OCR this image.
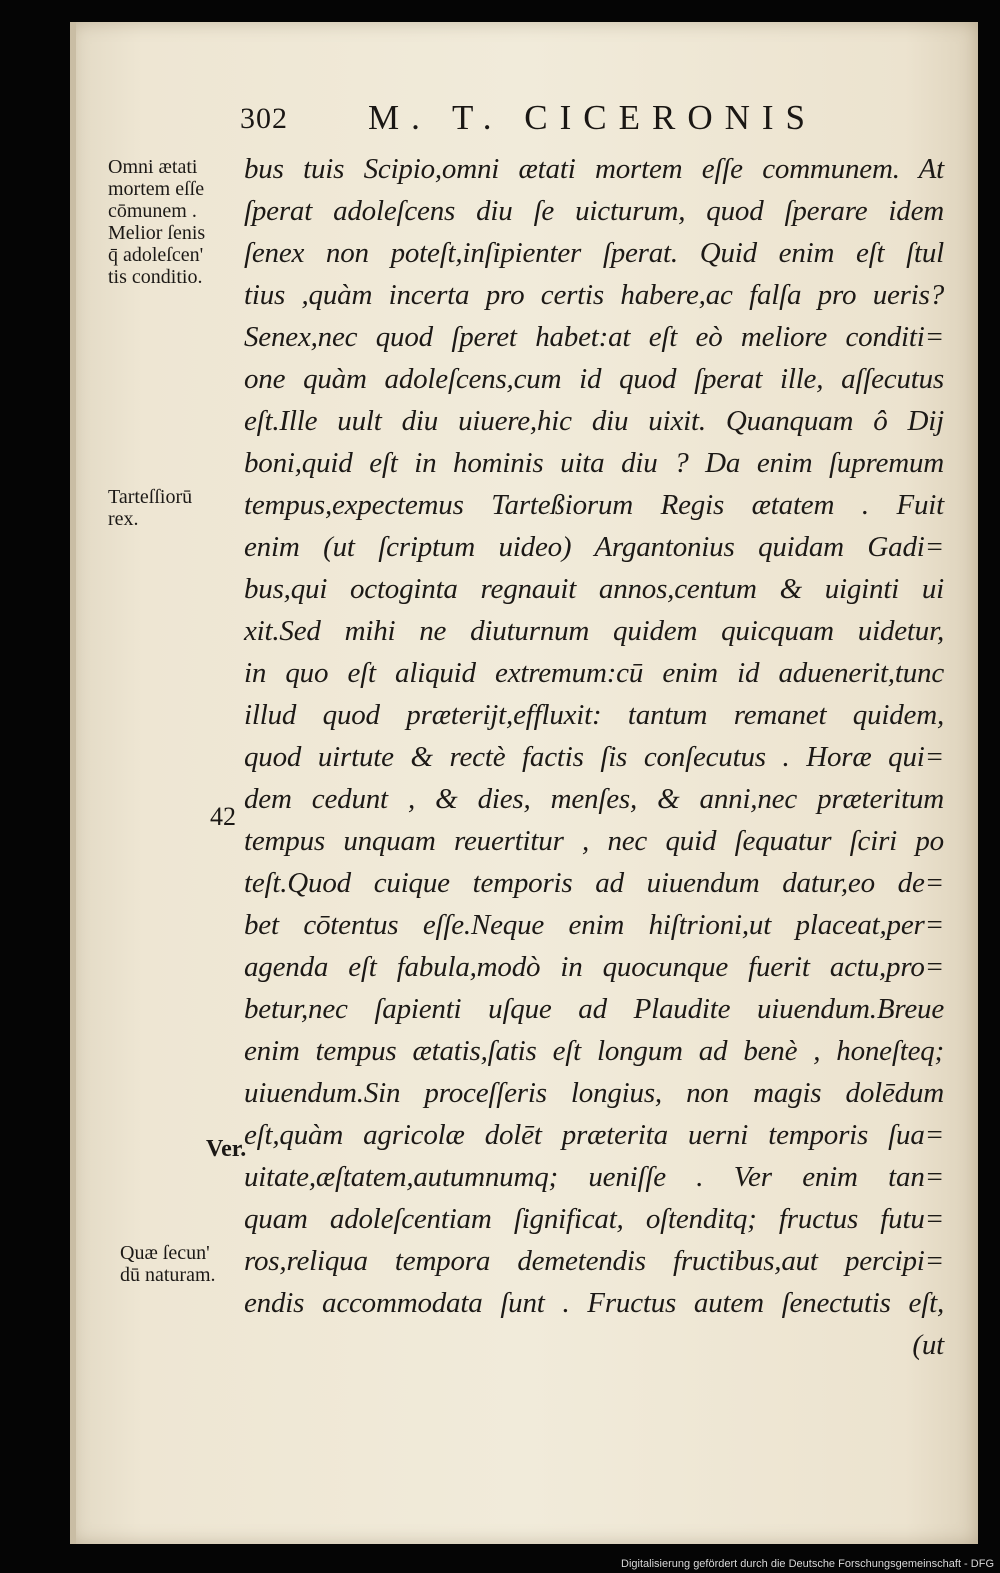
302 M. T. CICERONIS
Omni ætati
mortem eſſe
cōmunem .
Melior ſenis
q̄ adoleſcen'
tis conditio.
Tarteſſiorū
rex.
42
Ver.
Quæ ſecun'
dū naturam.
bus tuis Scipio,omni ætati mortem eſſe communem. At
ſperat adoleſcens diu ſe uicturum, quod ſperare idem
ſenex non poteſt,inſipienter ſperat. Quid enim eſt ſtul
tius ,quàm incerta pro certis habere,ac falſa pro ueris?
Senex,nec quod ſperet habet:at eſt eò meliore conditi=
one quàm adoleſcens,cum id quod ſperat ille, aſſecutus
eſt.Ille uult diu uiuere,hic diu uixit. Quanquam ô Dij
boni,quid eſt in hominis uita diu ? Da enim ſupremum
tempus,expectemus Tarteßiorum Regis ætatem . Fuit
enim (ut ſcriptum uideo) Argantonius quidam Gadi=
bus,qui octoginta regnauit annos,centum & uiginti ui
xit.Sed mihi ne diuturnum quidem quicquam uidetur,
in quo eſt aliquid extremum:cū enim id aduenerit,tunc
illud quod præterijt,effluxit: tantum remanet quidem,
quod uirtute & rectè factis ſis conſecutus . Horæ qui=
dem cedunt , & dies, menſes, & anni,nec præteritum
tempus unquam reuertitur , nec quid ſequatur ſciri po
teſt.Quod cuique temporis ad uiuendum datur,eo de=
bet cōtentus eſſe.Neque enim hiſtrioni,ut placeat,per=
agenda eſt fabula,modò in quocunque fuerit actu,pro=
betur,nec ſapienti uſque ad Plaudite uiuendum.Breue
enim tempus ætatis,ſatis eſt longum ad benè , honeſteq;
uiuendum.Sin proceſſeris longius, non magis dolēdum
eſt,quàm agricolæ dolēt præterita uerni temporis ſua=
uitate,æſtatem,autumnumq; ueniſſe . Ver enim tan=
quam adoleſcentiam ſignificat, oſtenditq; fructus futu=
ros,reliqua tempora demetendis fructibus,aut percipi=
endis accommodata ſunt . Fructus autem ſenectutis eſt,
(ut
Digitalisierung gefördert durch die Deutsche Forschungsgemeinschaft - DFG
